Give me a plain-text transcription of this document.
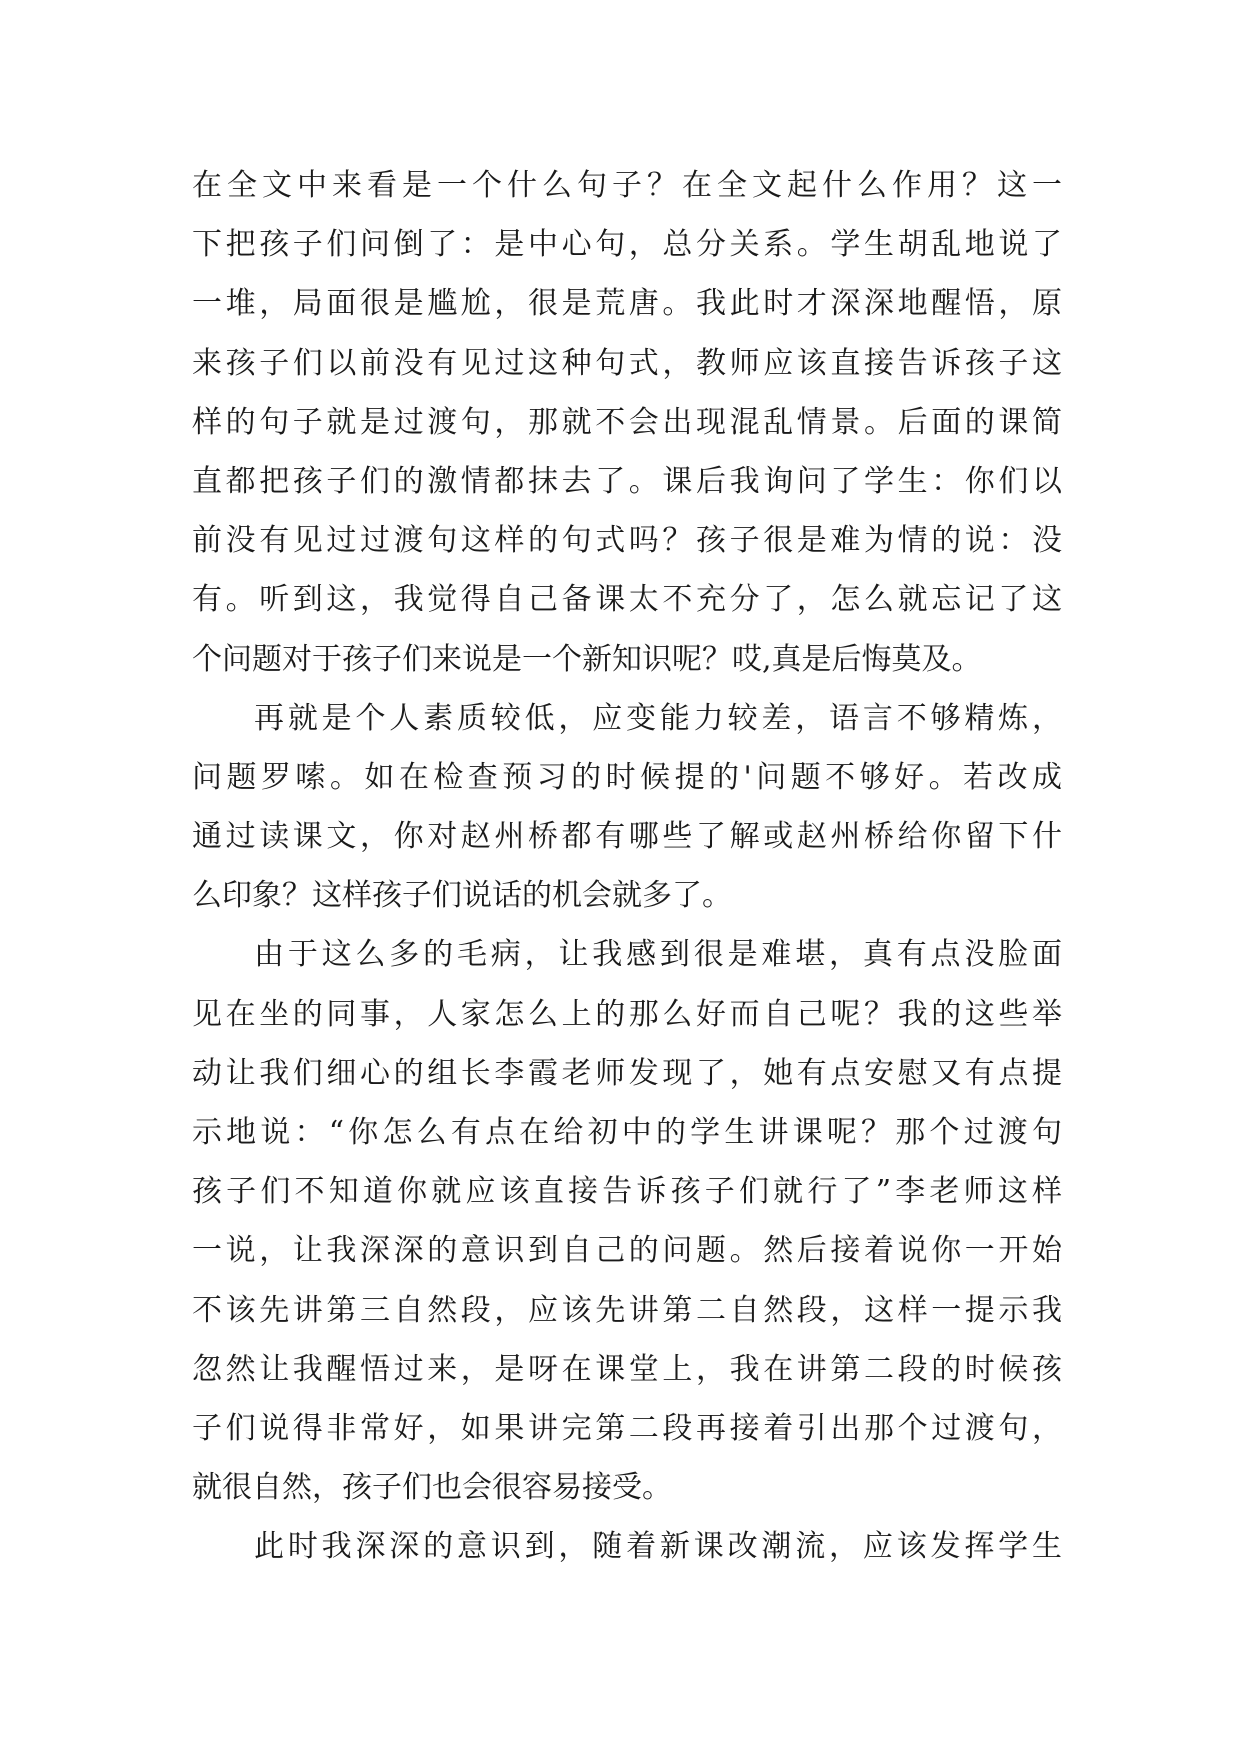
在全文中来看是一个什么句子？在全文起什么作用？这一
下把孩子们问倒了：是中心句，总分关系。学生胡乱地说了
一堆，局面很是尴尬，很是荒唐。我此时才深深地醒悟，原
来孩子们以前没有见过这种句式，教师应该直接告诉孩子这
样的句子就是过渡句，那就不会出现混乱情景。后面的课简
直都把孩子们的激情都抹去了。课后我询问了学生：你们以
前没有见过过渡句这样的句式吗？孩子很是难为情的说：没
有。听到这，我觉得自己备课太不充分了，怎么就忘记了这
个问题对于孩子们来说是一个新知识呢？哎,真是后悔莫及。
再就是个人素质较低，应变能力较差，语言不够精炼，
问题罗嗦。如在检查预习的时候提的'问题不够好。若改成
通过读课文，你对赵州桥都有哪些了解或赵州桥给你留下什
么印象？这样孩子们说话的机会就多了。
由于这么多的毛病，让我感到很是难堪，真有点没脸面
见在坐的同事，人家怎么上的那么好而自己呢？我的这些举
动让我们细心的组长李霞老师发现了，她有点安慰又有点提
示地说：“你怎么有点在给初中的学生讲课呢？那个过渡句
孩子们不知道你就应该直接告诉孩子们就行了”李老师这样
一说，让我深深的意识到自己的问题。然后接着说你一开始
不该先讲第三自然段，应该先讲第二自然段，这样一提示我
忽然让我醒悟过来，是呀在课堂上，我在讲第二段的时候孩
子们说得非常好，如果讲完第二段再接着引出那个过渡句，
就很自然，孩子们也会很容易接受。
此时我深深的意识到，随着新课改潮流，应该发挥学生
